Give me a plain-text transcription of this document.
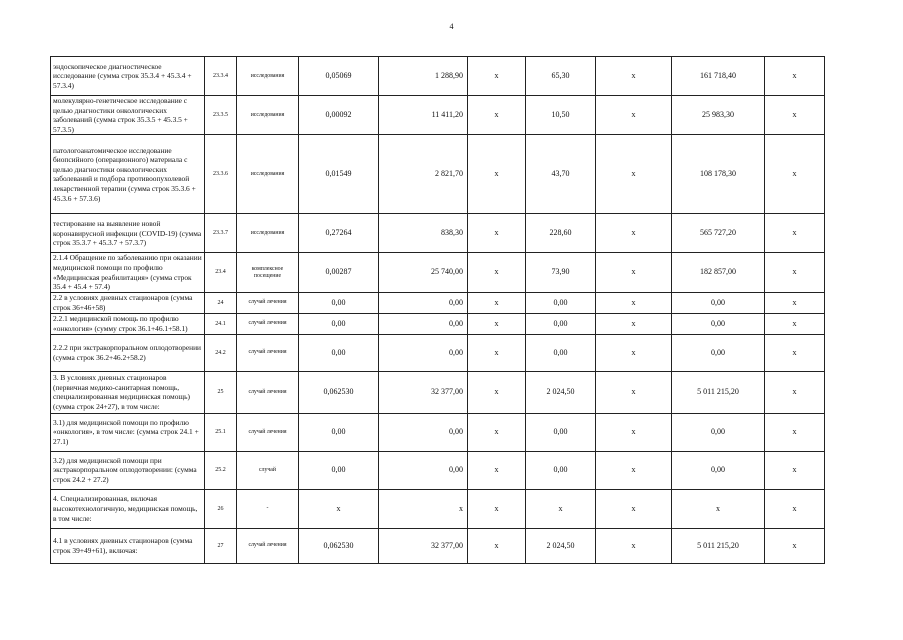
4
эндоскопическое диагностическое исследование (сумма строк 35.3.4 + 45.3.4 + 57.3.4)	23.3.4	исследования	0,05069	1 288,90	х	65,30	х	161 718,40	х
молекулярно-генетическое исследование с целью диагностики онкологических заболеваний (сумма строк 35.3.5 + 45.3.5 + 57.3.5)	23.3.5	исследования	0,00092	11 411,20	х	10,50	х	25 983,30	х
патологоанатомическое исследование биопсийного (операционного) материала с целью диагностики онкологических заболеваний и подбора противоопухолевой лекарственной терапии (сумма строк 35.3.6 + 45.3.6 + 57.3.6)	23.3.6	исследования	0,01549	2 821,70	х	43,70	х	108 178,30	х
тестирование на выявление новой коронавирусной инфекции (COVID-19) (сумма строк 35.3.7 + 45.3.7 + 57.3.7)	23.3.7	исследования	0,27264	838,30	х	228,60	х	565 727,20	х
2.1.4 Обращение по заболеванию при оказании медицинской помощи по профилю «Медицинская реабилитация» (сумма строк 35.4 + 45.4 + 57.4)	23.4	комплексное посещение	0,00287	25 740,00	х	73,90	х	182 857,00	х
2.2 в условиях дневных стационаров (сумма строк 36+46+58)	24	случай лечения	0,00	0,00	х	0,00	х	0,00	х
2.2.1 медицинской помощь по профилю «онкология» (сумму строк 36.1+46.1+58.1)	24.1	случай лечения	0,00	0,00	х	0,00	х	0,00	х
2.2.2 при экстракорпоральном оплодотворении (сумма строк 36.2+46.2+58.2)	24.2	случай лечения	0,00	0,00	х	0,00	х	0,00	х
3. В условиях дневных стационаров (первичная медико-санитарная помощь, специализированная медицинская помощь) (сумма строк 24+27), в том числе:	25	случай лечения	0,062530	32 377,00	х	2 024,50	х	5 011 215,20	х
3.1) для медицинской помощи по профилю «онкология», в том числе: (сумма строк 24.1 + 27.1)	25.1	случай лечения	0,00	0,00	х	0,00	х	0,00	х
3.2) для медицинской помощи при экстракорпоральном оплодотворении: (сумма строк 24.2 + 27.2)	25.2	случай	0,00	0,00	х	0,00	х	0,00	х
4. Специализированная, включая высокотехнологичную, медицинская помощь, в том числе:	26	-	х	х	х	х	х	х	х
4.1 в условиях дневных стационаров (сумма строк 39+49+61), включая:	27	случай лечения	0,062530	32 377,00	х	2 024,50	х	5 011 215,20	х
